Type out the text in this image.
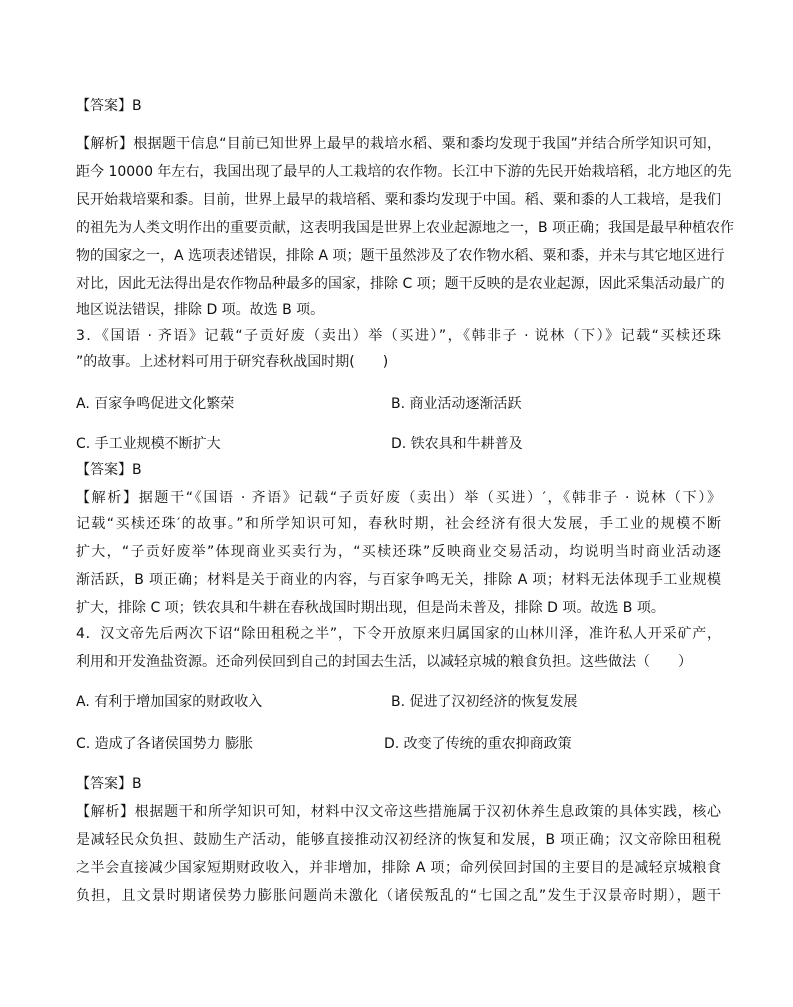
【答案】B
【解析】根据题干信息“目前已知世界上最早的栽培水稻、粟和黍均发现于我国”并结合所学知识可知，
距今 10000 年左右，我国出现了最早的人工栽培的农作物。长江中下游的先民开始栽培稻，北方地区的先
民开始栽培粟和黍。目前，世界上最早的栽培稻、粟和黍均发现于中国。稻、粟和黍的人工栽培，是我们
的祖先为人类文明作出的重要贡献，这表明我国是世界上农业起源地之一，B 项正确；我国是最早种植农作
物的国家之一，A 选项表述错误，排除 A 项；题干虽然涉及了农作物水稻、粟和黍，并未与其它地区进行
对比，因此无法得出是农作物品种最多的国家，排除 C 项；题干反映的是农业起源，因此采集活动最广的
地区说法错误，排除 D 项。故选 B 项。
3．《国语 · 齐语》记载“子贡好废（卖出）举（买进）”，《韩非子 · 说林（下）》记载“买椟还珠
”的故事。上述材料可用于研究春秋战国时期(　　)
A. 百家争鸣促进文化繁荣	B. 商业活动逐渐活跃
C. 手工业规模不断扩大	D. 铁农具和牛耕普及
【答案】B
【解析】据题干“《国语 · 齐语》记载“子贡好废（卖出）举（买进）′，《韩非子 · 说林（下）》
记载“买椟还珠′的故事。”和所学知识可知，春秋时期，社会经济有很大发展，手工业的规模不断
扩大，“子贡好废举”体现商业买卖行为，“买椟还珠”反映商业交易活动，均说明当时商业活动逐
渐活跃，B 项正确；材料是关于商业的内容，与百家争鸣无关，排除 A 项；材料无法体现手工业规模
扩大，排除 C 项；铁农具和牛耕在春秋战国时期出现，但是尚未普及，排除 D 项。故选 B 项。
4．汉文帝先后两次下诏“除田租税之半”，下令开放原来归属国家的山林川泽，准许私人开采矿产，
利用和开发渔盐资源。还命列侯回到自己的封国去生活，以减轻京城的粮食负担。这些做法（　　）
A. 有利于增加国家的财政收入	B. 促进了汉初经济的恢复发展
C. 造成了各诸侯国势力 膨胀	D. 改变了传统的重农抑商政策
【答案】B
【解析】根据题干和所学知识可知，材料中汉文帝这些措施属于汉初休养生息政策的具体实践，核心
是减轻民众负担、鼓励生产活动，能够直接推动汉初经济的恢复和发展，B 项正确；汉文帝除田租税
之半会直接减少国家短期财政收入，并非增加，排除 A 项；命列侯回封国的主要目的是减轻京城粮食
负担，且文景时期诸侯势力膨胀问题尚未激化（诸侯叛乱的“七国之乱”发生于汉景帝时期），题干
